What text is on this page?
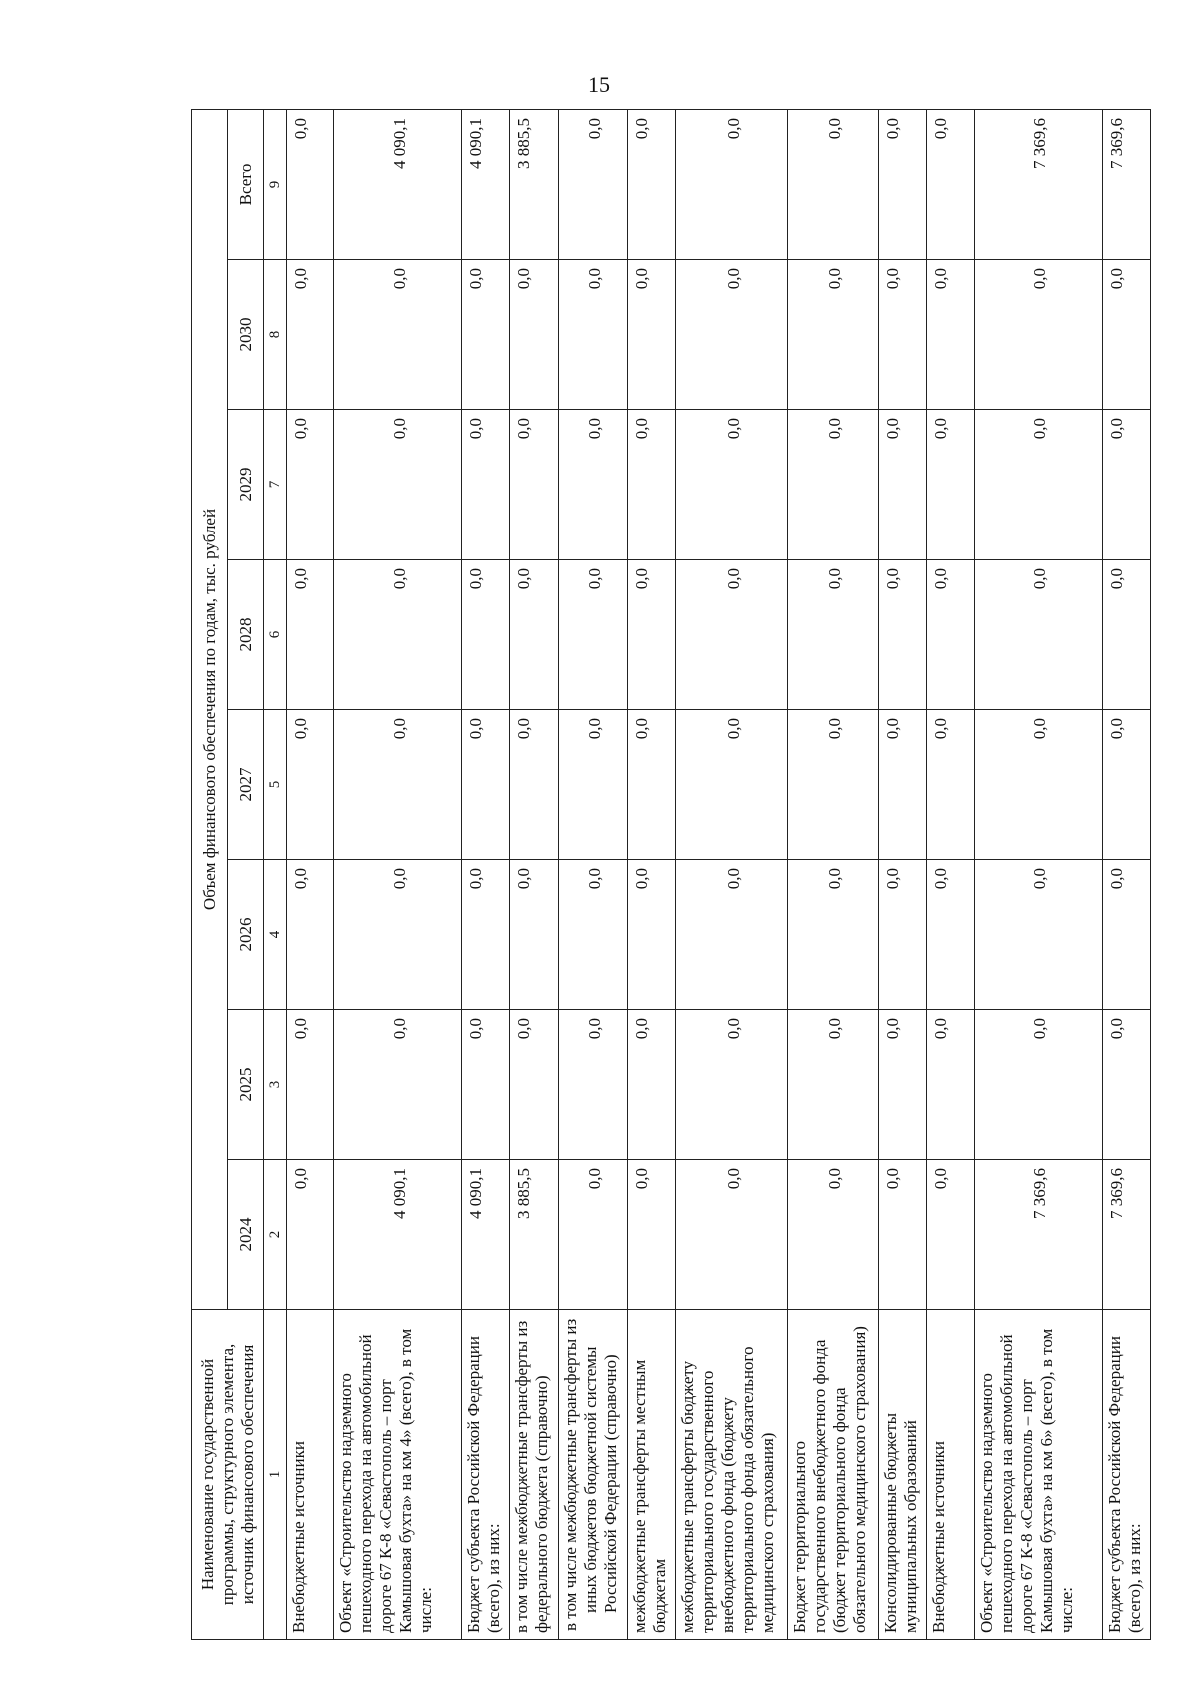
15
Наименование государственной программы, структурного элемента, источник финансового обеспечения	Объем финансового обеспечения по годам, тыс. рублей							
	2024	2025	2026	2027	2028	2029	2030	Всего
1	2	3	4	5	6	7	8	9
Внебюджетные источники	0,0	0,0	0,0	0,0	0,0	0,0	0,0	0,0
Объект «Строительство надземного пешеходного перехода на автомобильной дороге 67 К-8 «Севастополь – порт Камышовая бухта» на км 4» (всего), в том числе:	4 090,1	0,0	0,0	0,0	0,0	0,0	0,0	4 090,1
Бюджет субъекта Российской Федерации (всего), из них:	4 090,1	0,0	0,0	0,0	0,0	0,0	0,0	4 090,1
в том числе межбюджетные трансферты из федерального бюджета (справочно)	3 885,5	0,0	0,0	0,0	0,0	0,0	0,0	3 885,5
в том числе межбюджетные трансферты из иных бюджетов бюджетной системы Российской Федерации (справочно)	0,0	0,0	0,0	0,0	0,0	0,0	0,0	0,0
межбюджетные трансферты местным бюджетам	0,0	0,0	0,0	0,0	0,0	0,0	0,0	0,0
межбюджетные трансферты бюджету территориального государственного внебюджетного фонда (бюджету территориального фонда обязательного медицинского страхования)	0,0	0,0	0,0	0,0	0,0	0,0	0,0	0,0
Бюджет территориального государственного внебюджетного фонда (бюджет территориального фонда обязательного медицинского страхования)	0,0	0,0	0,0	0,0	0,0	0,0	0,0	0,0
Консолидированные бюджеты муниципальных образований	0,0	0,0	0,0	0,0	0,0	0,0	0,0	0,0
Внебюджетные источники	0,0	0,0	0,0	0,0	0,0	0,0	0,0	0,0
Объект «Строительство надземного пешеходного перехода на автомобильной дороге 67 К-8 «Севастополь – порт Камышовая бухта» на км 6» (всего), в том числе:	7 369,6	0,0	0,0	0,0	0,0	0,0	0,0	7 369,6
Бюджет субъекта Российской Федерации (всего), из них:	7 369,6	0,0	0,0	0,0	0,0	0,0	0,0	7 369,6
